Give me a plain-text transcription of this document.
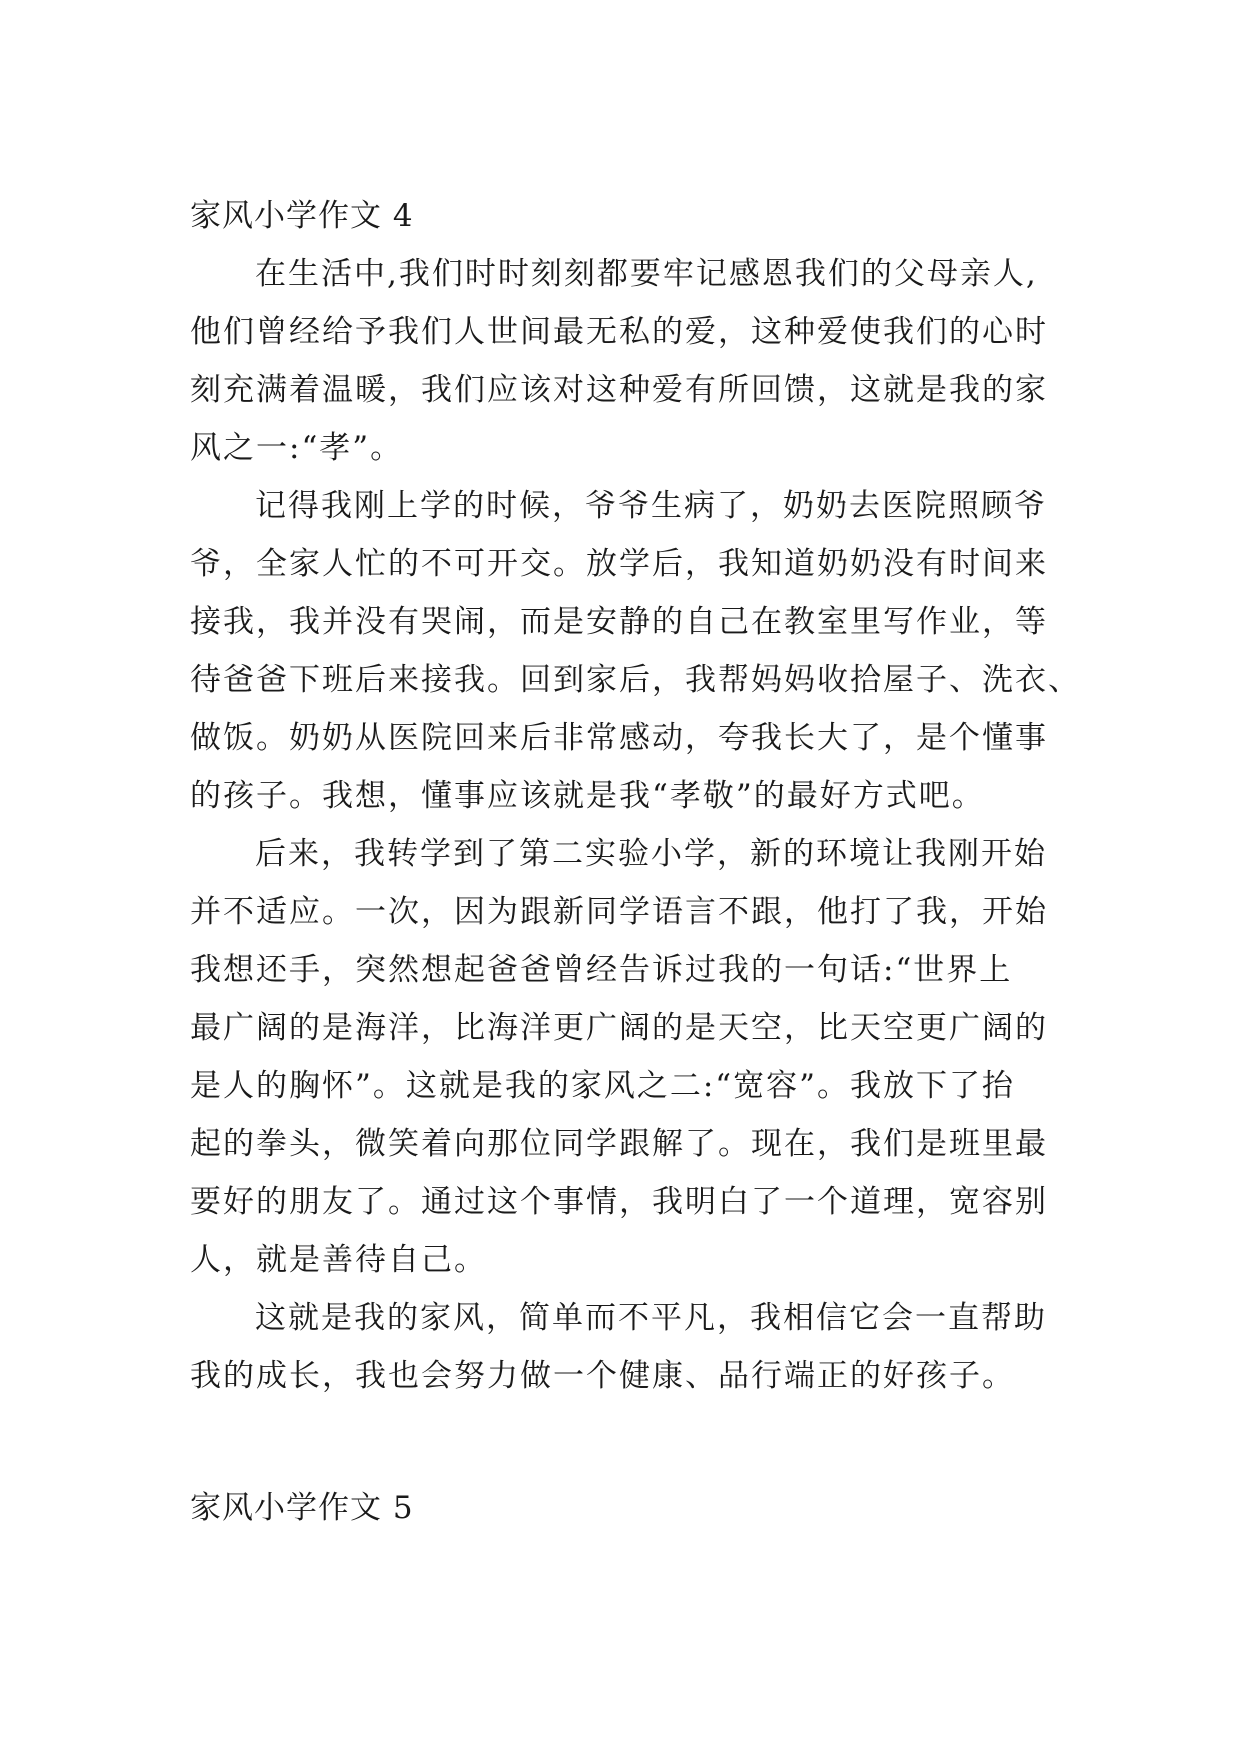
家风小学作文 4
在生活中,我们时时刻刻都要牢记感恩我们的父母亲人,
他们曾经给予我们人世间最无私的爱，这种爱使我们的心时
刻充满着温暖，我们应该对这种爱有所回馈，这就是我的家
风之一:“孝”。
记得我刚上学的时候，爷爷生病了，奶奶去医院照顾爷
爷，全家人忙的不可开交。放学后，我知道奶奶没有时间来
接我，我并没有哭闹，而是安静的自己在教室里写作业，等
待爸爸下班后来接我。回到家后，我帮妈妈收拾屋子、洗衣、
做饭。奶奶从医院回来后非常感动，夸我长大了，是个懂事
的孩子。我想，懂事应该就是我“孝敬”的最好方式吧。
后来，我转学到了第二实验小学，新的环境让我刚开始
并不适应。一次，因为跟新同学语言不跟，他打了我，开始
我想还手，突然想起爸爸曾经告诉过我的一句话:“世界上
最广阔的是海洋，比海洋更广阔的是天空，比天空更广阔的
是人的胸怀”。这就是我的家风之二:“宽容”。我放下了抬
起的拳头，微笑着向那位同学跟解了。现在，我们是班里最
要好的朋友了。通过这个事情，我明白了一个道理，宽容别
人，就是善待自己。
这就是我的家风，简单而不平凡，我相信它会一直帮助
我的成长，我也会努力做一个健康、品行端正的好孩子。
家风小学作文 5
